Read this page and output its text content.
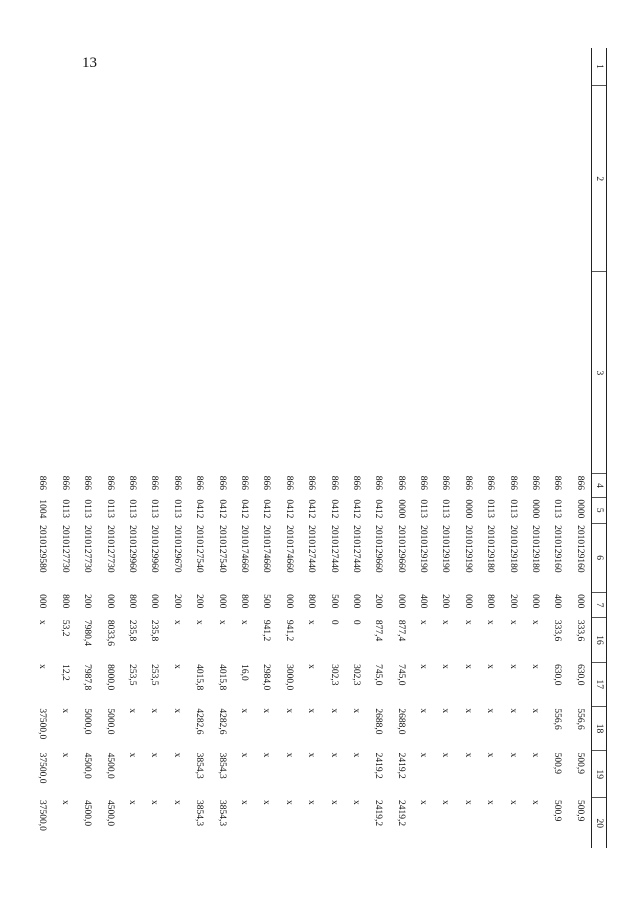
13	1	2	3	4	5	6	7	16	17	18	19	20
			866	0000	2010129160	000	333,6	630,0	556,6	500,9	500,9
			866	0113	2010129160	400	333,6	630,0	556,6	500,9	500,9
			866	0000	2010129180	000	x	x	x	x	x
			866	0113	2010129180	200	x	x	x	x	x
			866	0113	2010129180	800	x	x	x	x	x
			866	0000	2010129190	000	x	x	x	x	x
			866	0113	2010129190	200	x	x	x	x	x
			866	0113	2010129190	400	x	x	x	x	x
			866	0000	2010129660	000	877,4	745,0	2688,0	2419,2	2419,2
			866	0412	2010129660	200	877,4	745,0	2688,0	2419,2	2419,2
			866	0412	2010127440	000	0	302,3	x	x	x
			866	0412	2010127440	500	0	302,3	x	x	x
			866	0412	2010127440	800	x	x	x	x	x
			866	0412	2010174660	000	941,2	3000,0	x	x	x
			866	0412	2010174660	500	941,2	2984,0	x	x	x
			866	0412	2010174660	800	x	16,0	x	x	x
			866	0412	2010127540	000	x	4015,8	4282,6	3854,3	3854,3
			866	0412	2010127540	200	x	4015,8	4282,6	3854,3	3854,3
			866	0113	2010129670	200	x	x	x	x	x
			866	0113	2010129960	000	235,8	253,5	x	x	x
			866	0113	2010129960	800	235,8	253,5	x	x	x
			866	0113	2010127730	000	8033,6	8000,0	5000,0	4500,0	4500,0
			866	0113	2010127730	200	7980,4	7987,8	5000,0	4500,0	4500,0
			866	0113	2010127730	800	53,2	12,2	x	x	x
			866	1004	2010129580	000	x	x	37500,0	37500,0	37500,0
